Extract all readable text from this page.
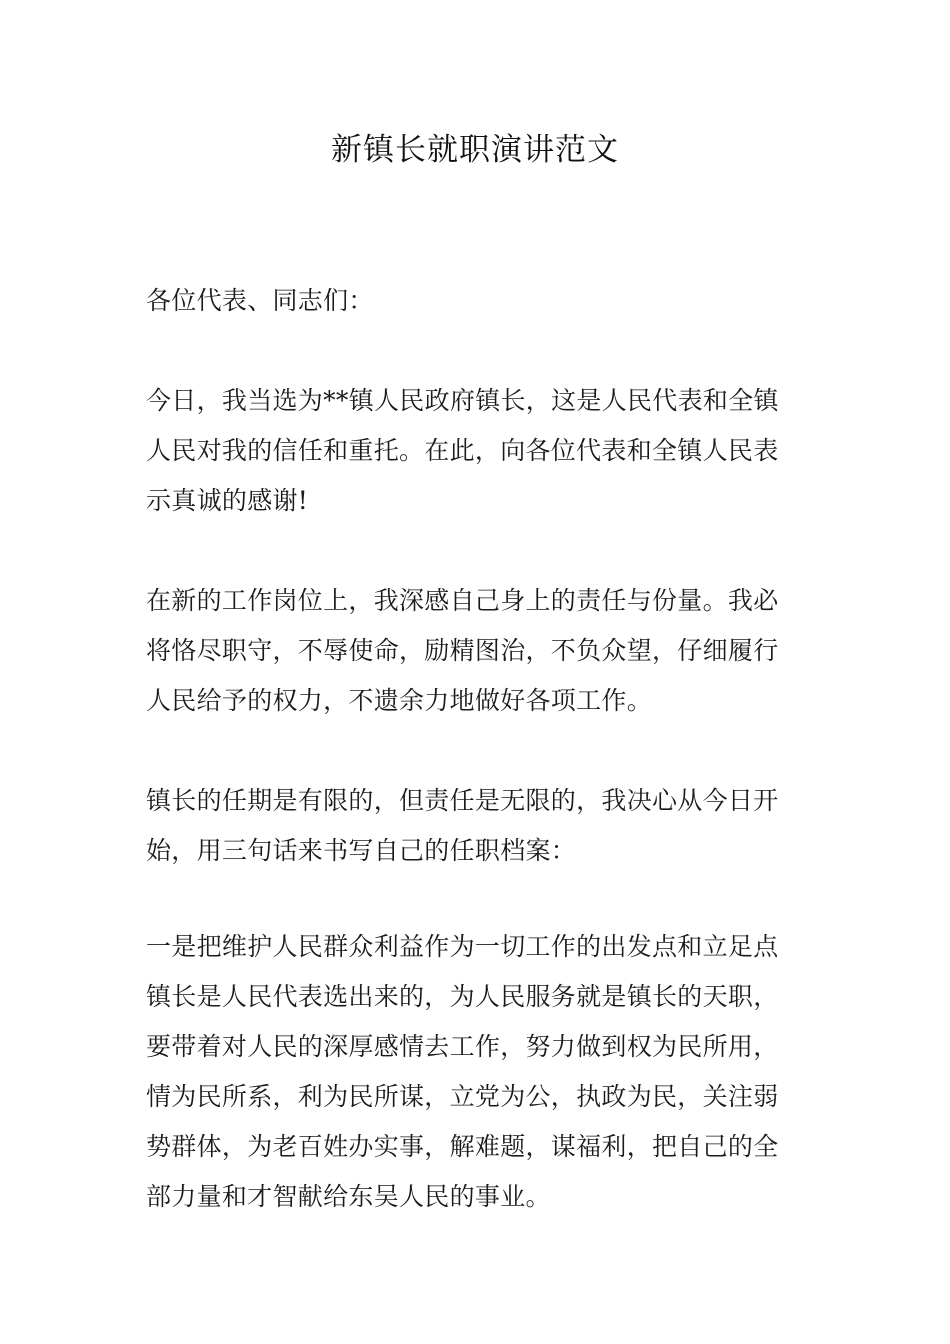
新镇长就职演讲范文
各位代表、同志们：
今日，我当选为**镇人民政府镇长，这是人民代表和全镇
人民对我的信任和重托。在此，向各位代表和全镇人民表
示真诚的感谢!
在新的工作岗位上，我深感自己身上的责任与份量。我必
将恪尽职守，不辱使命，励精图治，不负众望，仔细履行
人民给予的权力，不遗余力地做好各项工作。
镇长的任期是有限的，但责任是无限的，我决心从今日开
始，用三句话来书写自己的任职档案：
一是把维护人民群众利益作为一切工作的出发点和立足点
镇长是人民代表选出来的，为人民服务就是镇长的天职，
要带着对人民的深厚感情去工作，努力做到权为民所用，
情为民所系，利为民所谋，立党为公，执政为民，关注弱
势群体，为老百姓办实事，解难题，谋福利，把自己的全
部力量和才智献给东吴人民的事业。
